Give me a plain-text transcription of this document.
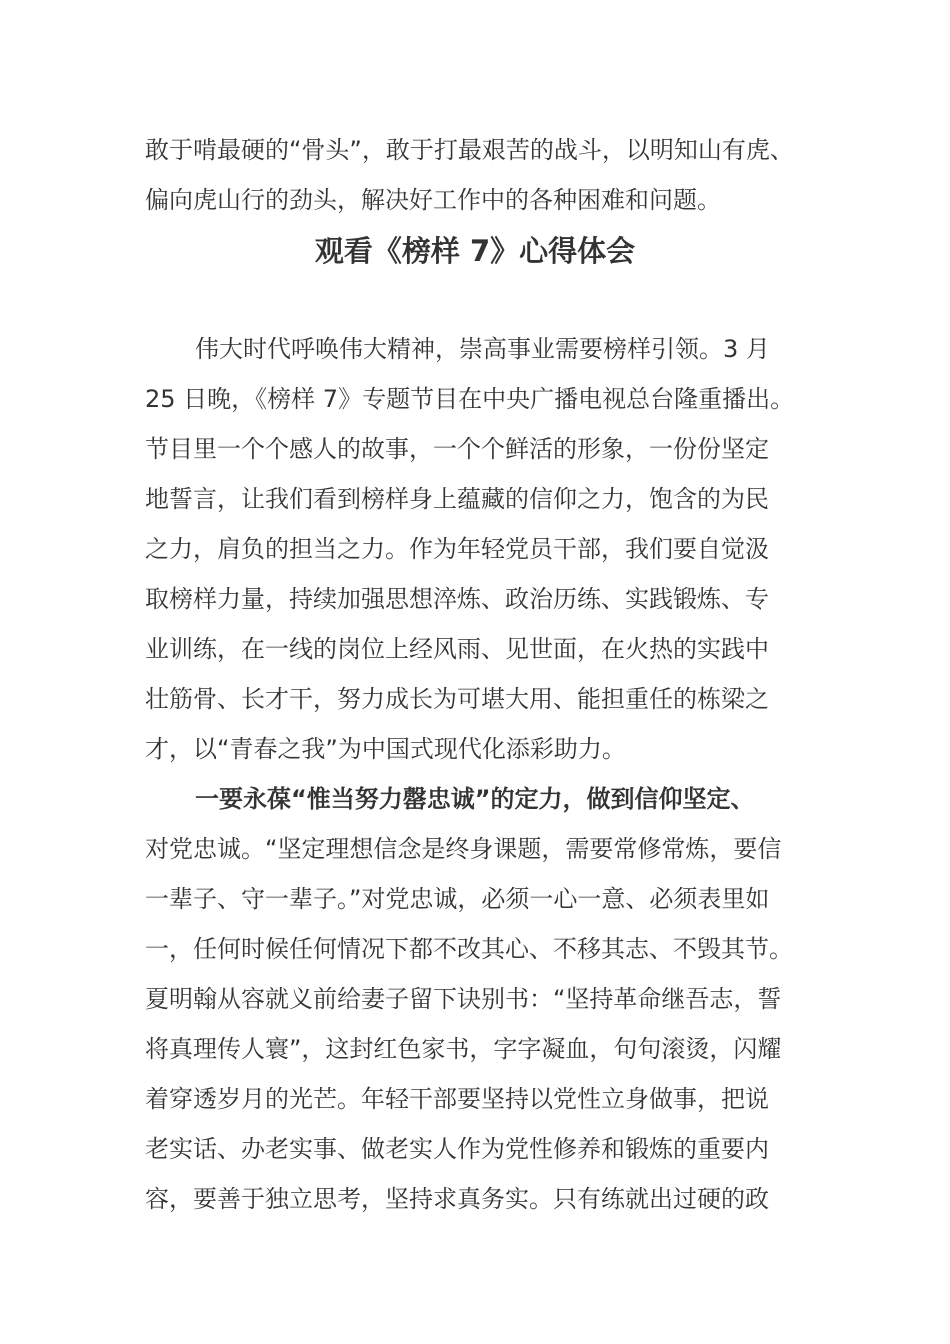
敢于啃最硬的“骨头”，敢于打最艰苦的战斗，以明知山有虎、
偏向虎山行的劲头，解决好工作中的各种困难和问题。
观看《榜样 7》心得体会
伟大时代呼唤伟大精神，崇高事业需要榜样引领。3 月
25 日晚，《榜样 7》专题节目在中央广播电视总台隆重播出。
节目里一个个感人的故事，一个个鲜活的形象，一份份坚定
地誓言，让我们看到榜样身上蕴藏的信仰之力，饱含的为民
之力，肩负的担当之力。作为年轻党员干部，我们要自觉汲
取榜样力量，持续加强思想淬炼、政治历练、实践锻炼、专
业训练，在一线的岗位上经风雨、见世面，在火热的实践中
壮筋骨、长才干，努力成长为可堪大用、能担重任的栋梁之
才，以“青春之我”为中国式现代化添彩助力。
一要永葆“惟当努力罄忠诚”的定力，做到信仰坚定、
对党忠诚。“坚定理想信念是终身课题，需要常修常炼，要信
一辈子、守一辈子。”对党忠诚，必须一心一意、必须表里如
一，任何时候任何情况下都不改其心、不移其志、不毁其节。
夏明翰从容就义前给妻子留下诀别书：“坚持革命继吾志，誓
将真理传人寰”，这封红色家书，字字凝血，句句滚烫，闪耀
着穿透岁月的光芒。年轻干部要坚持以党性立身做事，把说
老实话、办老实事、做老实人作为党性修养和锻炼的重要内
容，要善于独立思考，坚持求真务实。只有练就出过硬的政
